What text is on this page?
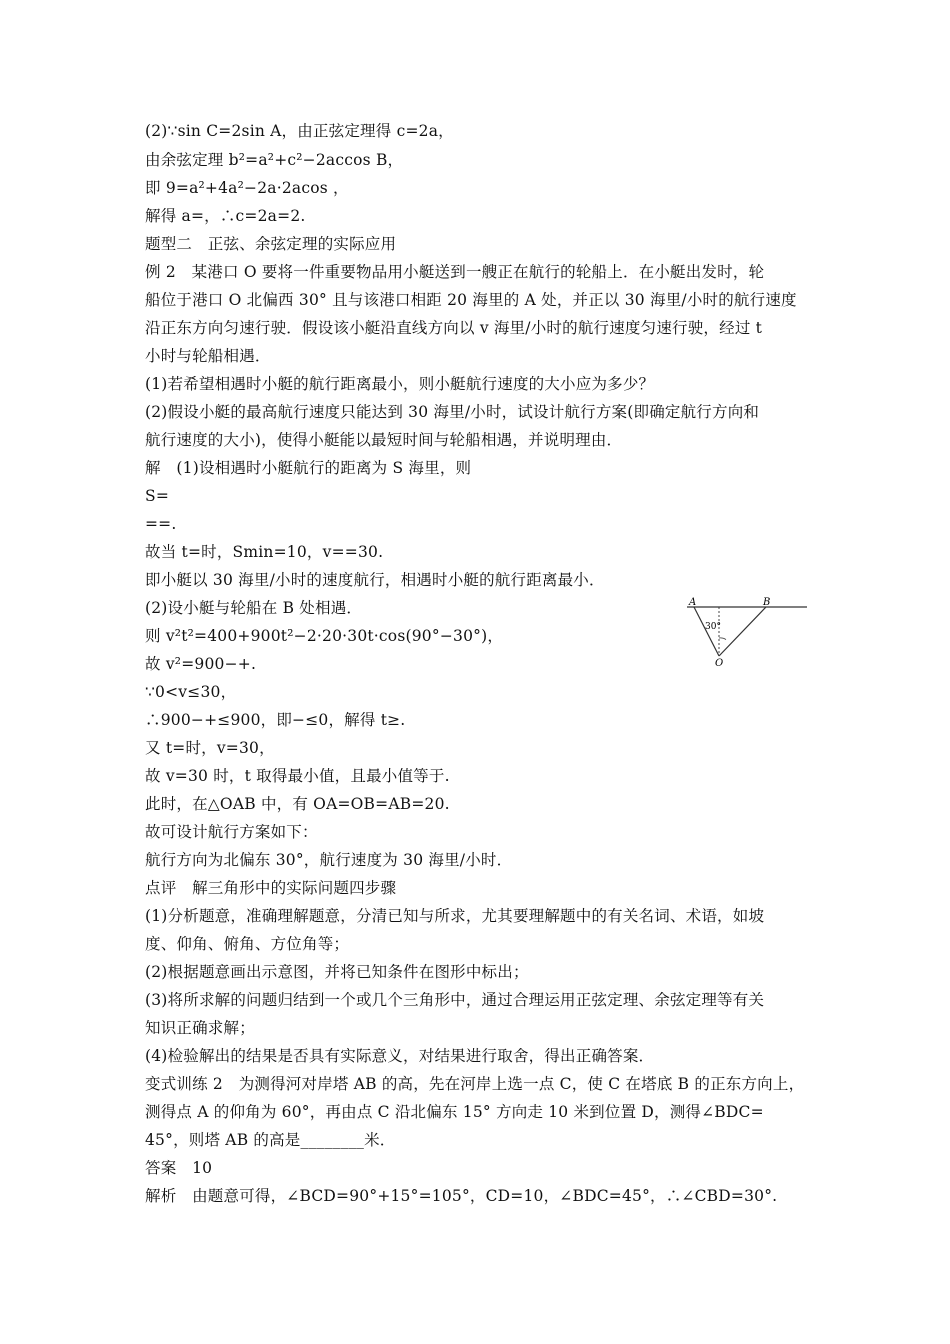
(2)∵sin C=2sin A，由正弦定理得 c=2a，
由余弦定理 b²=a²+c²−2accos B，
即 9=a²+4a²−2a·2acos ，
解得 a=，∴c=2a=2.
题型二　正弦、余弦定理的实际应用
例 2　某港口 O 要将一件重要物品用小艇送到一艘正在航行的轮船上．在小艇出发时，轮
船位于港口 O 北偏西 30° 且与该港口相距 20 海里的 A 处，并正以 30 海里/小时的航行速度
沿正东方向匀速行驶．假设该小艇沿直线方向以 v 海里/小时的航行速度匀速行驶，经过 t
小时与轮船相遇．
(1)若希望相遇时小艇的航行距离最小，则小艇航行速度的大小应为多少？
(2)假设小艇的最高航行速度只能达到 30 海里/小时，试设计航行方案(即确定航行方向和
航行速度的大小)，使得小艇能以最短时间与轮船相遇，并说明理由．
解　(1)设相遇时小艇航行的距离为 S 海里，则
S=
==.
故当 t=时，Smin=10，v==30.
即小艇以 30 海里/小时的速度航行，相遇时小艇的航行距离最小．
(2)设小艇与轮船在 B 处相遇．
则 v²t²=400+900t²−2·20·30t·cos(90°−30°)，
故 v²=900−+.
∵0<v≤30，
∴900−+≤900，即−≤0，解得 t≥.
又 t=时，v=30，
故 v=30 时，t 取得最小值，且最小值等于.
此时，在△OAB 中，有 OA=OB=AB=20.
故可设计航行方案如下：
航行方向为北偏东 30°，航行速度为 30 海里/小时．
点评　解三角形中的实际问题四步骤
(1)分析题意，准确理解题意，分清已知与所求，尤其要理解题中的有关名词、术语，如坡
度、仰角、俯角、方位角等；
(2)根据题意画出示意图，并将已知条件在图形中标出；
(3)将所求解的问题归结到一个或几个三角形中，通过合理运用正弦定理、余弦定理等有关
知识正确求解；
(4)检验解出的结果是否具有实际意义，对结果进行取舍，得出正确答案．
变式训练 2　为测得河对岸塔 AB 的高，先在河岸上选一点 C，使 C 在塔底 B 的正东方向上，
测得点 A 的仰角为 60°，再由点 C 沿北偏东 15° 方向走 10 米到位置 D，测得∠BDC=
45°，则塔 AB 的高是________米．
答案　10
解析　由题意可得，∠BCD=90°+15°=105°，CD=10，∠BDC=45°，∴∠CBD=30°.
A	B
O
30°
